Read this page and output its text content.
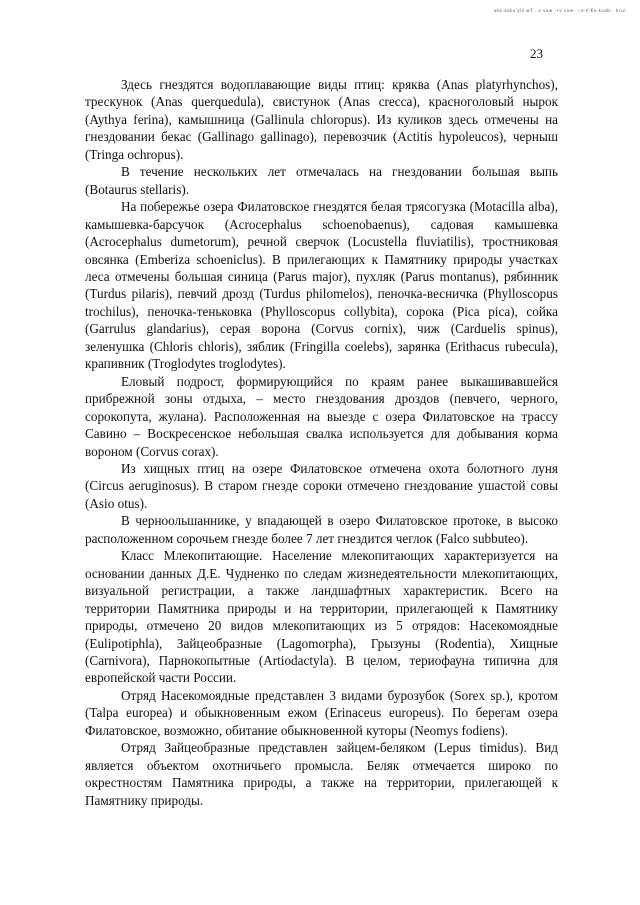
aka-aaku'ylz-w1 ..v-vaw -•v-vaw- -;a-V·Ka-kuab-. kcui
23

Здесь гнездятся водоплавающие виды птиц: кряква (Anas platyrhynchos), трескунок (Anas querquedula), свистунок (Anas crecca), красноголовый нырок (Aythya ferina), камышница (Gallinula chloropus). Из куликов здесь отмечены на гнездовании бекас (Gallinago gallinago), перевозчик (Actitis hypoleucos), черныш (Tringa ochropus).

В течение нескольких лет отмечалась на гнездовании большая выпь (Botaurus stellaris).

На побережье озера Филатовское гнездятся белая трясогузка (Motacilla alba), камышевка-барсучок (Acrocephalus schoenobaenus), садовая камышевка (Acrocephalus dumetorum), речной сверчок (Locustella fluviatilis), тростниковая овсянка (Emberiza schoeniclus). В прилегающих к Памятнику природы участках леса отмечены большая синица (Parus major), пухляк (Parus montanus), рябинник (Turdus pilaris), певчий дрозд (Turdus philomelos), пеночка-весничка (Phylloscopus trochilus), пеночка-теньковка (Phylloscopus collybita), сорока (Pica pica), сойка (Garrulus glandarius), серая ворона (Corvus cornix), чиж (Carduelis spinus), зеленушка (Chloris chloris), зяблик (Fringilla coelebs), зарянка (Erithacus rubecula), крапивник (Troglodytes troglodytes).

Еловый подрост, формирующийся по краям ранее выкашивавшейся прибрежной зоны отдыха, – место гнездования дроздов (певчего, черного, сорокопута, жулана). Расположенная на выезде с озера Филатовское на трассу Савино – Воскресенское небольшая свалка используется для добывания корма вороном (Corvus corax).

Из хищных птиц на озере Филатовское отмечена охота болотного луня (Circus aeruginosus). В старом гнезде сороки отмечено гнездование ушастой совы (Asio otus).

В черноольшаннике, у впадающей в озеро Филатовское протоке, в высоко расположенном сорочьем гнезде более 7 лет гнездится чеглок (Falco subbuteo).

Класс Млекопитающие. Население млекопитающих характеризуется на основании данных Д.Е. Чудненко по следам жизнедеятельности млекопитающих, визуальной регистрации, а также ландшафтных характеристик. Всего на территории Памятника природы и на территории, прилегающей к Памятнику природы, отмечено 20 видов млекопитающих из 5 отрядов: Насекомоядные (Eulipotiphla), Зайцеобразные (Lagomorpha), Грызуны (Rodentia), Хищные (Carnivora), Парнокопытные (Artiodactyla). В целом, териофауна типична для европейской части России.

Отряд Насекомоядные представлен 3 видами бурозубок (Sorex sp.), кротом (Talpa europea) и обыкновенным ежом (Erinaceus europeus). По берегам озера Филатовское, возможно, обитание обыкновенной куторы (Neomys fodiens).

Отряд Зайцеобразные представлен зайцем-беляком (Lepus timidus). Вид является объектом охотничьего промысла. Беляк отмечается широко по окрестностям Памятника природы, а также на территории, прилегающей к Памятнику природы.
